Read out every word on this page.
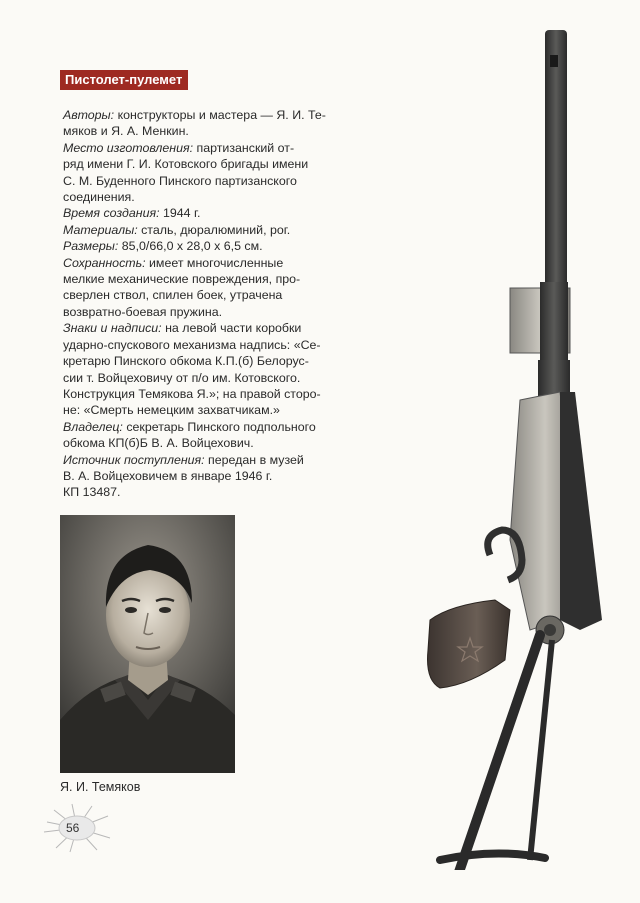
Пистолет-пулемет

Авторы: конструкторы и мастера — Я. И. Те-
мяков и Я. А. Менкин.

Место изготовления: партизанский от-
ряд имени Г. И. Котовского бригады имени
С. М. Буденного Пинского партизанского
соединения.

Время создания: 1944 г.

Материалы: сталь, дюралюминий, рог.

Размеры: 85,0/66,0 х 28,0 х 6,5 см.

Сохранность: имеет многочисленные
мелкие механические повреждения, про-
сверлен ствол, спилен боек, утрачена
возвратно-боевая пружина.

Знаки и надписи: на левой части коробки
ударно-спускового механизма надпись: «Се-
кретарю Пинского обкома К.П.(б) Белорус-
сии т. Войцеховичу от п/о им. Котовского.
Конструкция Темякова Я.»; на правой сторо-
не: «Смерть немецким захватчикам.»

Владелец: секретарь Пинского подпольного
обкома КП(б)Б В. А. Войцехович.

Источник поступления: передан в музей
В. А. Войцеховичем в январе 1946 г.
КП 13487.

Я. И. Темяков
56
